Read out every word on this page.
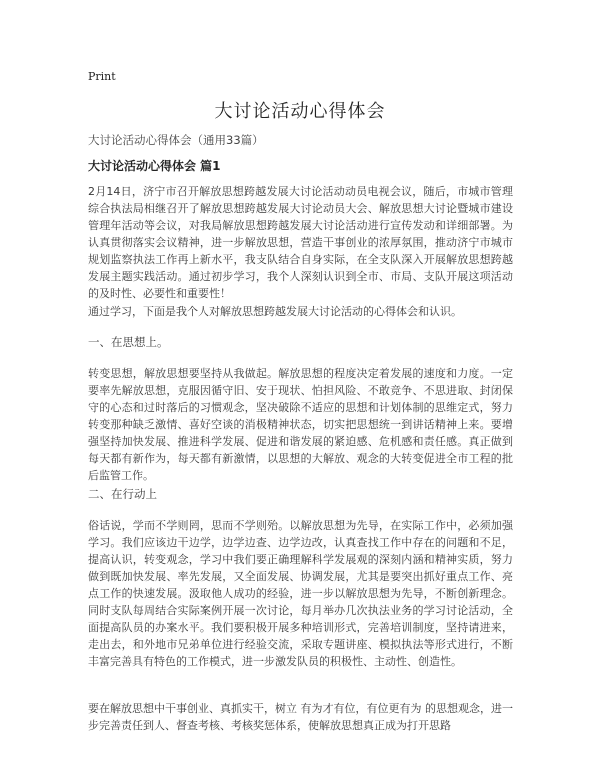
Print
大讨论活动心得体会
大讨论活动心得体会（通用33篇）
大讨论活动心得体会 篇1

2月14日，济宁市召开解放思想跨越发展大讨论活动动员电视会议，随后，市城市管理综合执法局相继召开了解放思想跨越发展大讨论动员大会、解放思想大讨论暨城市建设管理年活动等会议，对我局解放思想跨越发展大讨论活动进行宣传发动和详细部署。为认真贯彻落实会议精神，进一步解放思想，营造干事创业的浓厚氛围，推动济宁市城市规划监察执法工作再上新水平，我支队结合自身实际，在全支队深入开展解放思想跨越发展主题实践活动。通过初步学习，我个人深刻认识到全市、市局、支队开展这项活动的及时性、必要性和重要性！

通过学习，下面是我个人对解放思想跨越发展大讨论活动的心得体会和认识。

一、在思想上。

转变思想，解放思想要坚持从我做起。解放思想的程度决定着发展的速度和力度。一定要率先解放思想，克服因循守旧、安于现状、怕担风险、不敢竞争、不思进取、封闭保守的心态和过时落后的习惯观念，坚决破除不适应的思想和计划体制的思维定式，努力转变那种缺乏激情、喜好空谈的消极精神状态，切实把思想统一到讲话精神上来。要增强坚持加快发展、推进科学发展、促进和谐发展的紧迫感、危机感和责任感。真正做到每天都有新作为，每天都有新激情，以思想的大解放、观念的大转变促进全市工程的批后监管工作。

二、在行动上

俗话说，学而不学则罔，思而不学则殆。以解放思想为先导，在实际工作中，必须加强学习。我们应该边干边学，边学边查、边学边改，认真查找工作中存在的问题和不足，提高认识，转变观念，学习中我们要正确理解科学发展观的深刻内涵和精神实质，努力做到既加快发展、率先发展，又全面发展、协调发展，尤其是要突出抓好重点工作、亮点工作的快速发展。汲取他人成功的经验，进一步以解放思想为先导，不断创新理念。同时支队每周结合实际案例开展一次讨论，每月举办几次执法业务的学习讨论活动，全面提高队员的办案水平。我们要积极开展多种培训形式，完善培训制度，坚持请进来，走出去，和外地市兄弟单位进行经验交流，采取专题讲座、模拟执法等形式进行，不断丰富完善具有特色的工作模式，进一步激发队员的积极性、主动性、创造性。

要在解放思想中干事创业、真抓实干，树立 有为才有位，有位更有为 的思想观念，进一步完善责任到人、督查考核、考核奖惩体系，使解放思想真正成为打开思路
